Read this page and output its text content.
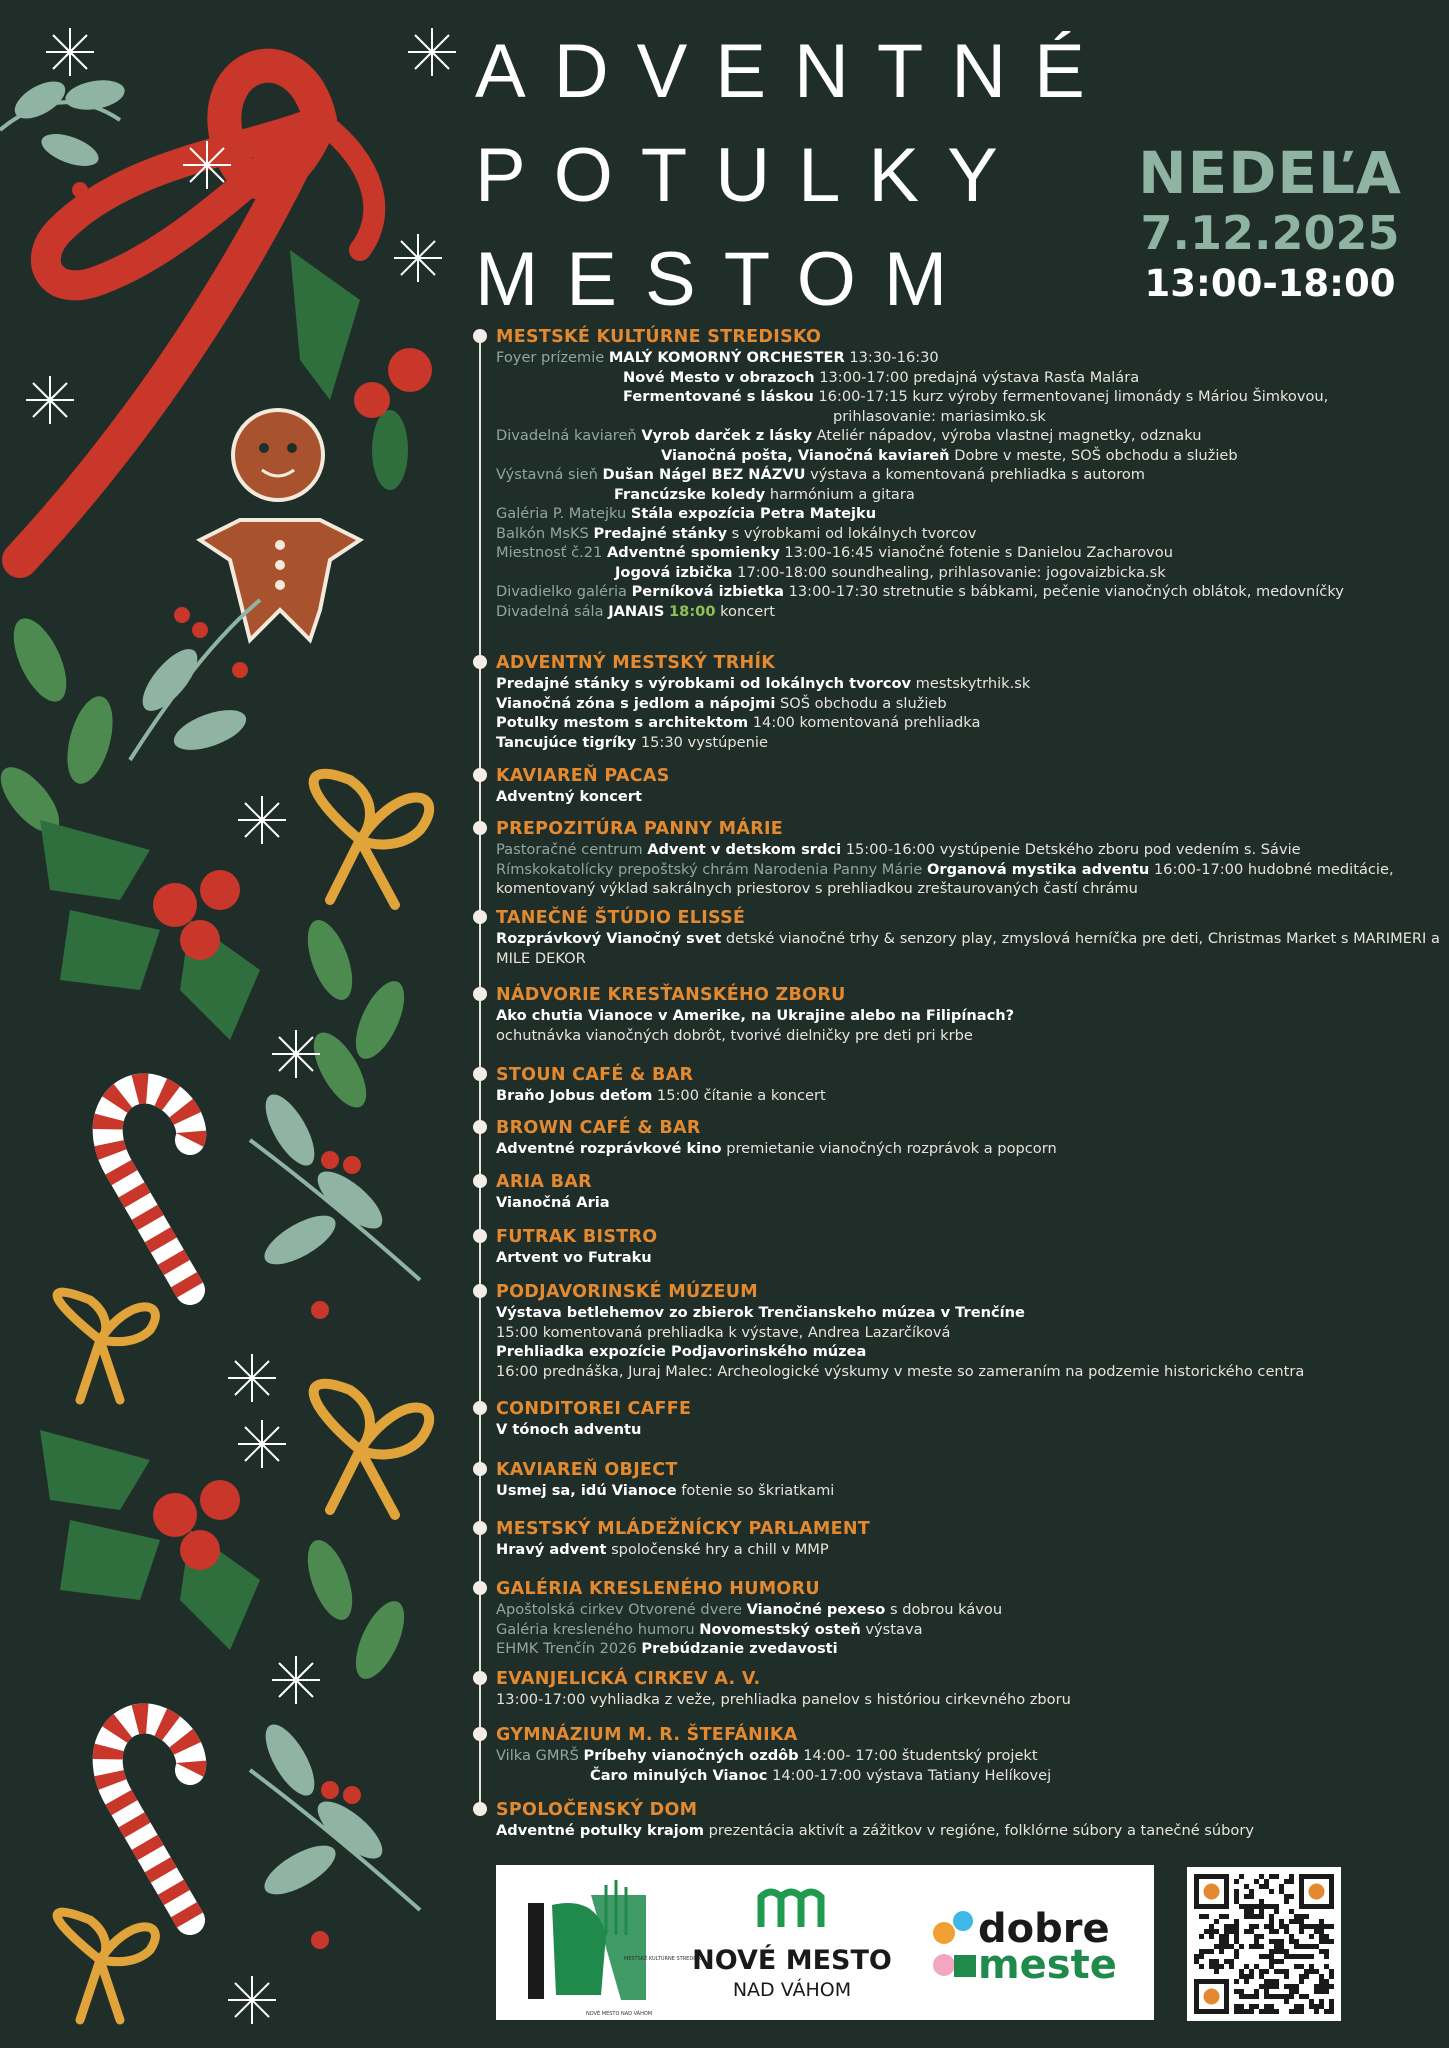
ADVENTNÉ
POTULKY
MESTOM
NEDEĽA
7.12.2025
13:00-18:00
MESTSKÉ KULTÚRNE STREDISKO
Foyer prízemie MALÝ KOMORNÝ ORCHESTER 13:30-16:30
Nové Mesto v obrazoch 13:00-17:00 predajná výstava Rasťa Malára
Fermentované s láskou 16:00-17:15 kurz výroby fermentovanej limonády s Máriou Šimkovou,
prihlasovanie: mariasimko.sk
Divadelná kaviareň Vyrob darček z lásky Ateliér nápadov, výroba vlastnej magnetky, odznaku
Vianočná pošta, Vianočná kaviareň Dobre v meste, SOŠ obchodu a služieb
Výstavná sieň Dušan Nágel BEZ NÁZVU výstava a komentovaná prehliadka s autorom
Francúzske koledy harmónium a gitara
Galéria P. Matejku Stála expozícia Petra Matejku
Balkón MsKS Predajné stánky s výrobkami od lokálnych tvorcov
Miestnosť č.21 Adventné spomienky 13:00-16:45 vianočné fotenie s Danielou Zacharovou
Jogová izbička 17:00-18:00 soundhealing, prihlasovanie: jogovaizbicka.sk
Divadielko galéria Perníková izbietka 13:00-17:30 stretnutie s bábkami, pečenie vianočných oblátok, medovníčky
Divadelná sála JANAIS 18:00 koncert
ADVENTNÝ MESTSKÝ TRHÍK
Predajné stánky s výrobkami od lokálnych tvorcov mestskytrhik.sk
Vianočná zóna s jedlom a nápojmi SOŠ obchodu a služieb
Potulky mestom s architektom 14:00 komentovaná prehliadka
Tancujúce tigríky 15:30 vystúpenie
KAVIAREŇ PACAS
Adventný koncert
PREPOZITÚRA PANNY MÁRIE
Pastoračné centrum Advent v detskom srdci 15:00-16:00 vystúpenie Detského zboru pod vedením s. Sávie
Rímskokatolícky prepoštský chrám Narodenia Panny Márie Organová mystika adventu 16:00-17:00 hudobné meditácie, komentovaný výklad sakrálnych priestorov s prehliadkou zreštaurovaných častí chrámu
TANEČNÉ ŠTÚDIO ELISSÉ
Rozprávkový Vianočný svet detské vianočné trhy & senzory play, zmyslová herníčka pre deti, Christmas Market s MARIMERI a MILE DEKOR
NÁDVORIE KRESŤANSKÉHO ZBORU
Ako chutia Vianoce v Amerike, na Ukrajine alebo na Filipínach?
ochutnávka vianočných dobrôt, tvorivé dielničky pre deti pri krbe
STOUN CAFÉ & BAR
Braňo Jobus deťom 15:00 čítanie a koncert
BROWN CAFÉ & BAR
Adventné rozprávkové kino premietanie vianočných rozprávok a popcorn
ARIA BAR
Vianočná Aria
FUTRAK BISTRO
Artvent vo Futraku
PODJAVORINSKÉ MÚZEUM
Výstava betlehemov zo zbierok Trenčianskeho múzea v Trenčíne
15:00 komentovaná prehliadka k výstave, Andrea Lazarčíková
Prehliadka expozície Podjavorinského múzea
16:00 prednáška, Juraj Malec: Archeologické výskumy v meste so zameraním na podzemie historického centra
CONDITOREI CAFFE
V tónoch adventu
KAVIAREŇ OBJECT
Usmej sa, idú Vianoce fotenie so škriatkami
MESTSKÝ MLÁDEŽNÍCKY PARLAMENT
Hravý advent spoločenské hry a chill v MMP
GALÉRIA KRESLENÉHO HUMORU
Apoštolská cirkev Otvorené dvere Vianočné pexeso s dobrou kávou
Galéria kresleného humoru Novomestský osteň výstava
EHMK Trenčín 2026 Prebúdzanie zvedavosti
EVANJELICKÁ CIRKEV A. V.
13:00-17:00 vyhliadka z veže, prehliadka panelov s históriou cirkevného zboru
GYMNÁZIUM M. R. ŠTEFÁNIKA
Vilka GMRŠ Príbehy vianočných ozdôb 14:00- 17:00 študentský projekt
Čaro minulých Vianoc 14:00-17:00 výstava Tatiany Helíkovej
SPOLOČENSKÝ DOM
Adventné potulky krajom prezentácia aktivít a zážitkov v regióne, folklórne súbory a tanečné súbory
MESTSKÉ KULTÚRNE STREDISKO
NOVÉ MESTO NAD VÁHOM
NOVÉ MESTO
NAD VÁHOM
dobre
meste
